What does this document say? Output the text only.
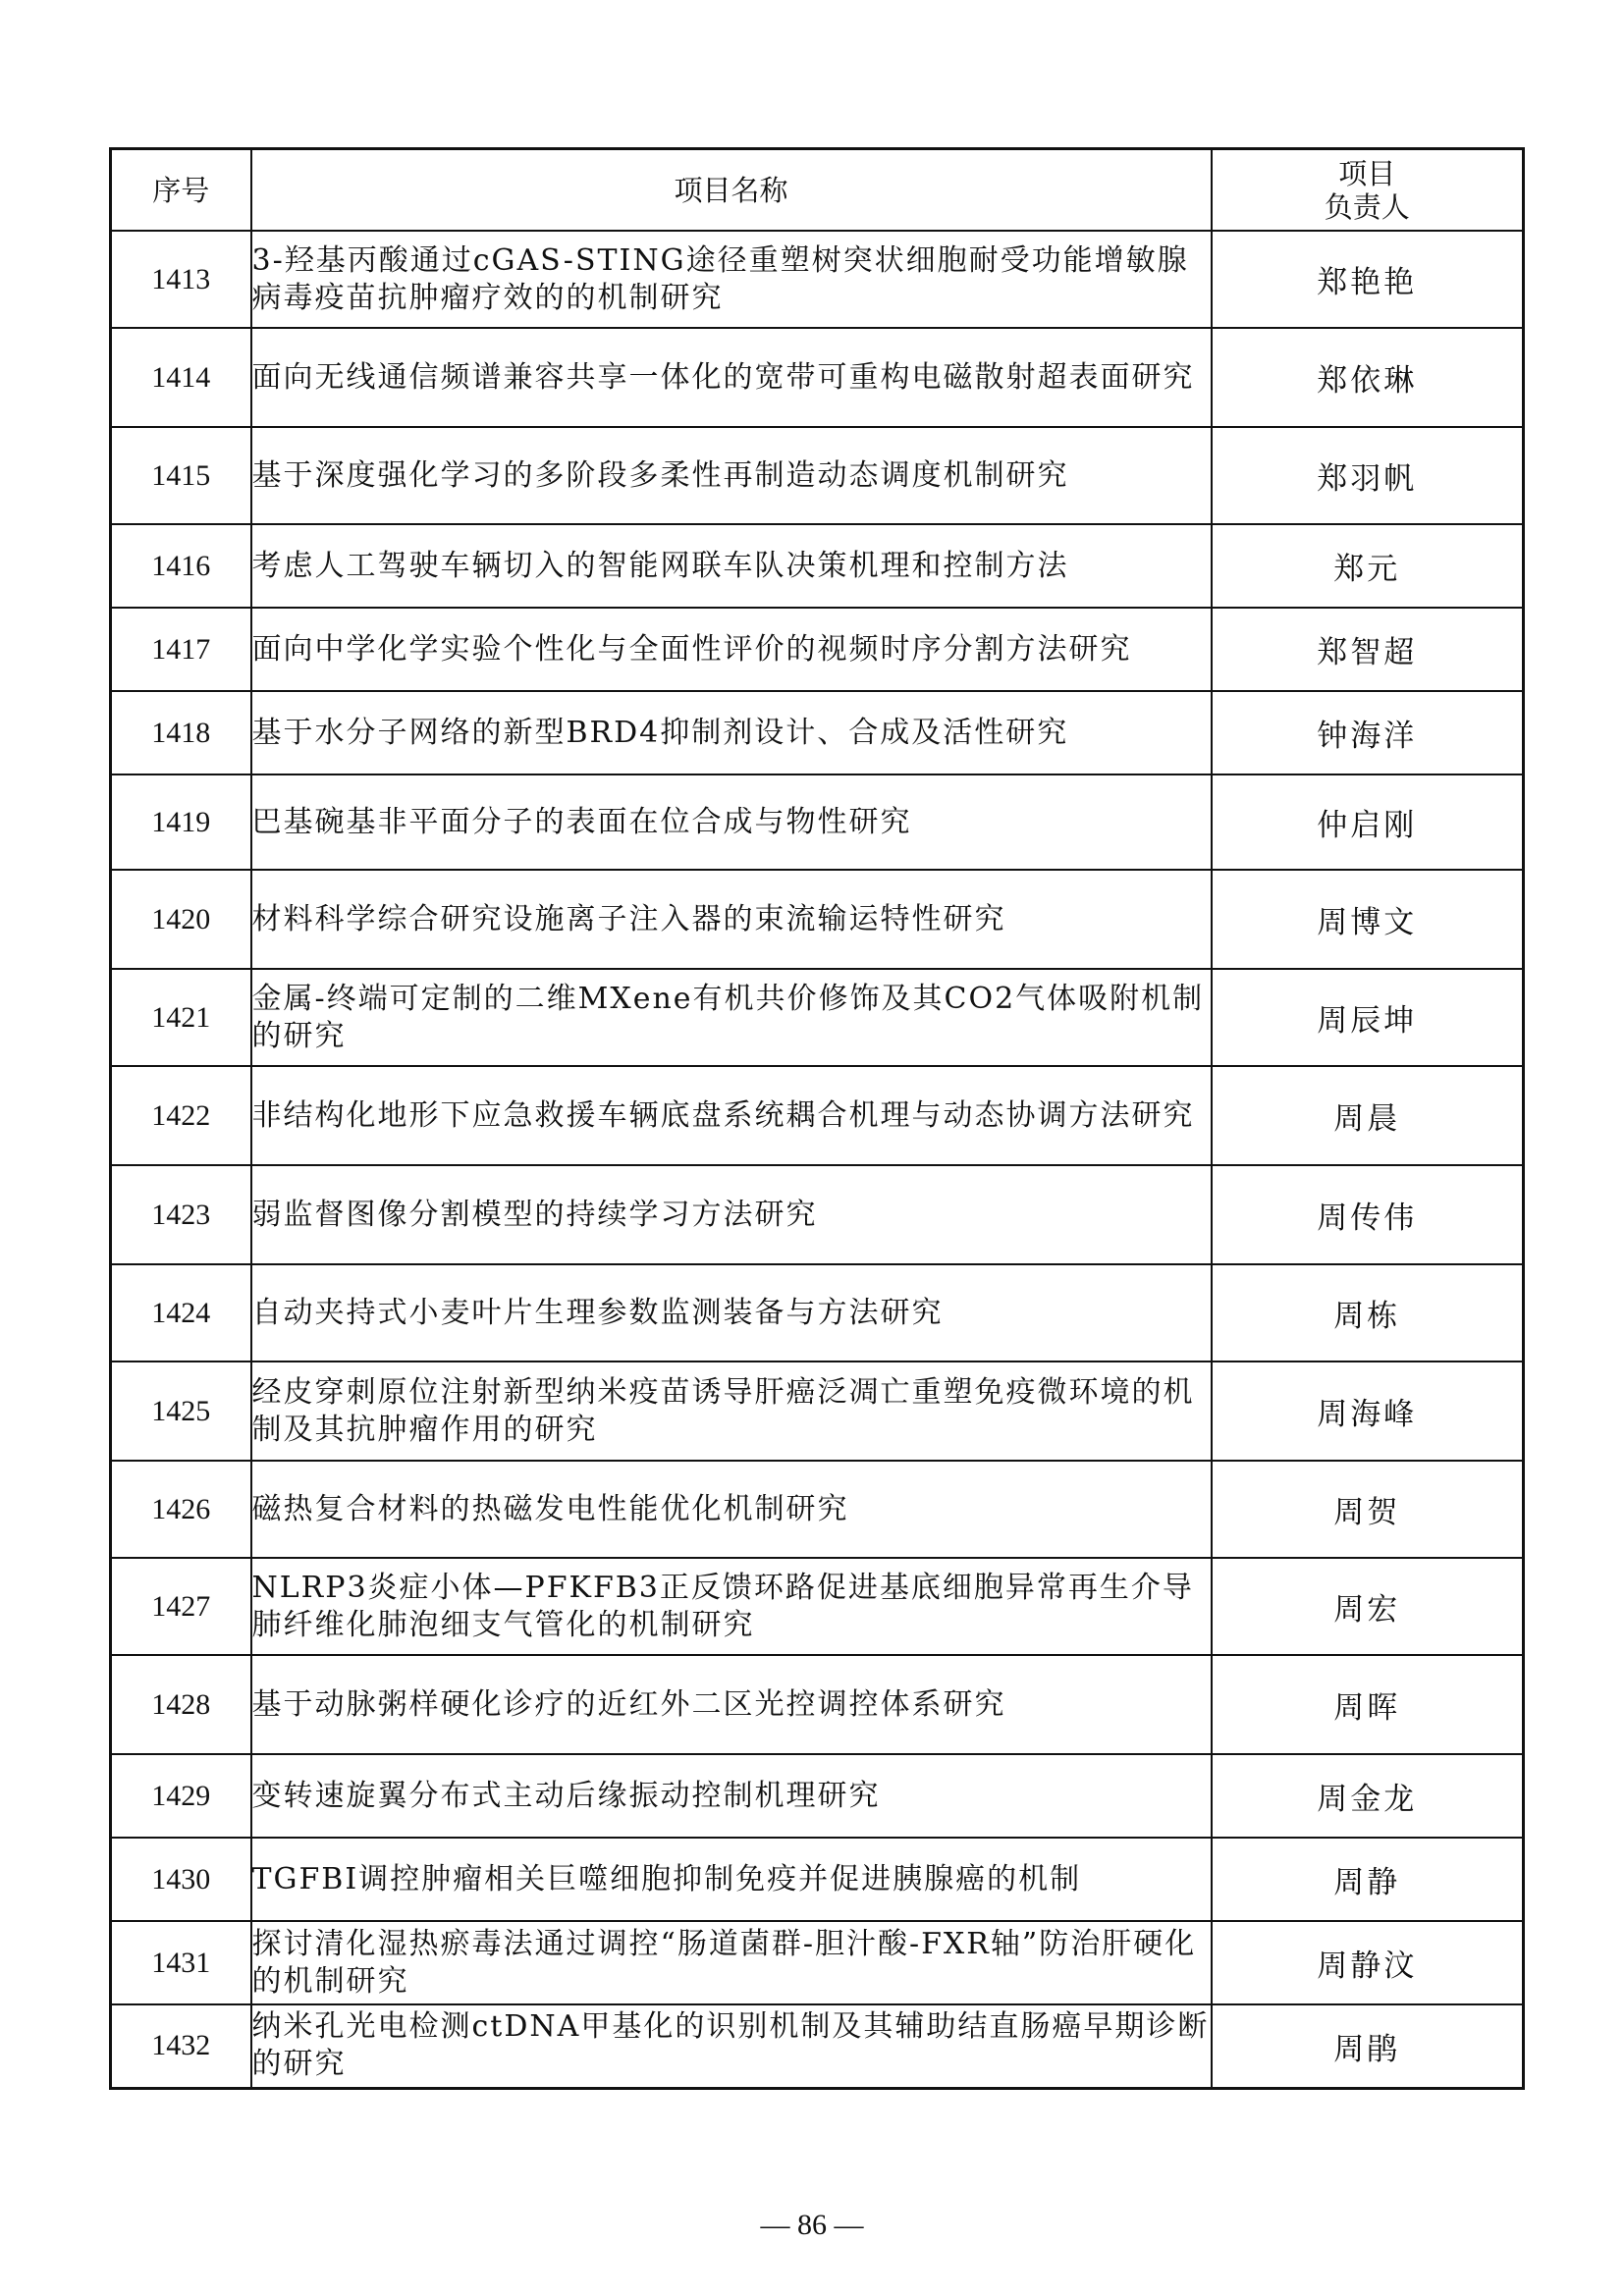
序号	项目名称	项目
负责人

1413	3-羟基丙酸通过cGAS-STING途径重塑树突状细胞耐受功能增敏腺病毒疫苗抗肿瘤疗效的的机制研究	郑艳艳
1414	面向无线通信频谱兼容共享一体化的宽带可重构电磁散射超表面研究	郑依琳
1415	基于深度强化学习的多阶段多柔性再制造动态调度机制研究	郑羽帆
1416	考虑人工驾驶车辆切入的智能网联车队决策机理和控制方法	郑元
1417	面向中学化学实验个性化与全面性评价的视频时序分割方法研究	郑智超
1418	基于水分子网络的新型BRD4抑制剂设计、合成及活性研究	钟海洋
1419	巴基碗基非平面分子的表面在位合成与物性研究	仲启刚
1420	材料科学综合研究设施离子注入器的束流输运特性研究	周博文
1421	金属-终端可定制的二维MXene有机共价修饰及其CO2气体吸附机制的研究	周辰坤
1422	非结构化地形下应急救援车辆底盘系统耦合机理与动态协调方法研究	周晨
1423	弱监督图像分割模型的持续学习方法研究	周传伟
1424	自动夹持式小麦叶片生理参数监测装备与方法研究	周栋
1425	经皮穿刺原位注射新型纳米疫苗诱导肝癌泛凋亡重塑免疫微环境的机制及其抗肿瘤作用的研究	周海峰
1426	磁热复合材料的热磁发电性能优化机制研究	周贺
1427	NLRP3炎症小体—PFKFB3正反馈环路促进基底细胞异常再生介导肺纤维化肺泡细支气管化的机制研究	周宏
1428	基于动脉粥样硬化诊疗的近红外二区光控调控体系研究	周晖
1429	变转速旋翼分布式主动后缘振动控制机理研究	周金龙
1430	TGFBI调控肿瘤相关巨噬细胞抑制免疫并促进胰腺癌的机制	周静
1431	探讨清化湿热瘀毒法通过调控“肠道菌群-胆汁酸-FXR轴”防治肝硬化的机制研究	周静汶
1432	纳米孔光电检测ctDNA甲基化的识别机制及其辅助结直肠癌早期诊断的研究	周鹃
— 86 —
